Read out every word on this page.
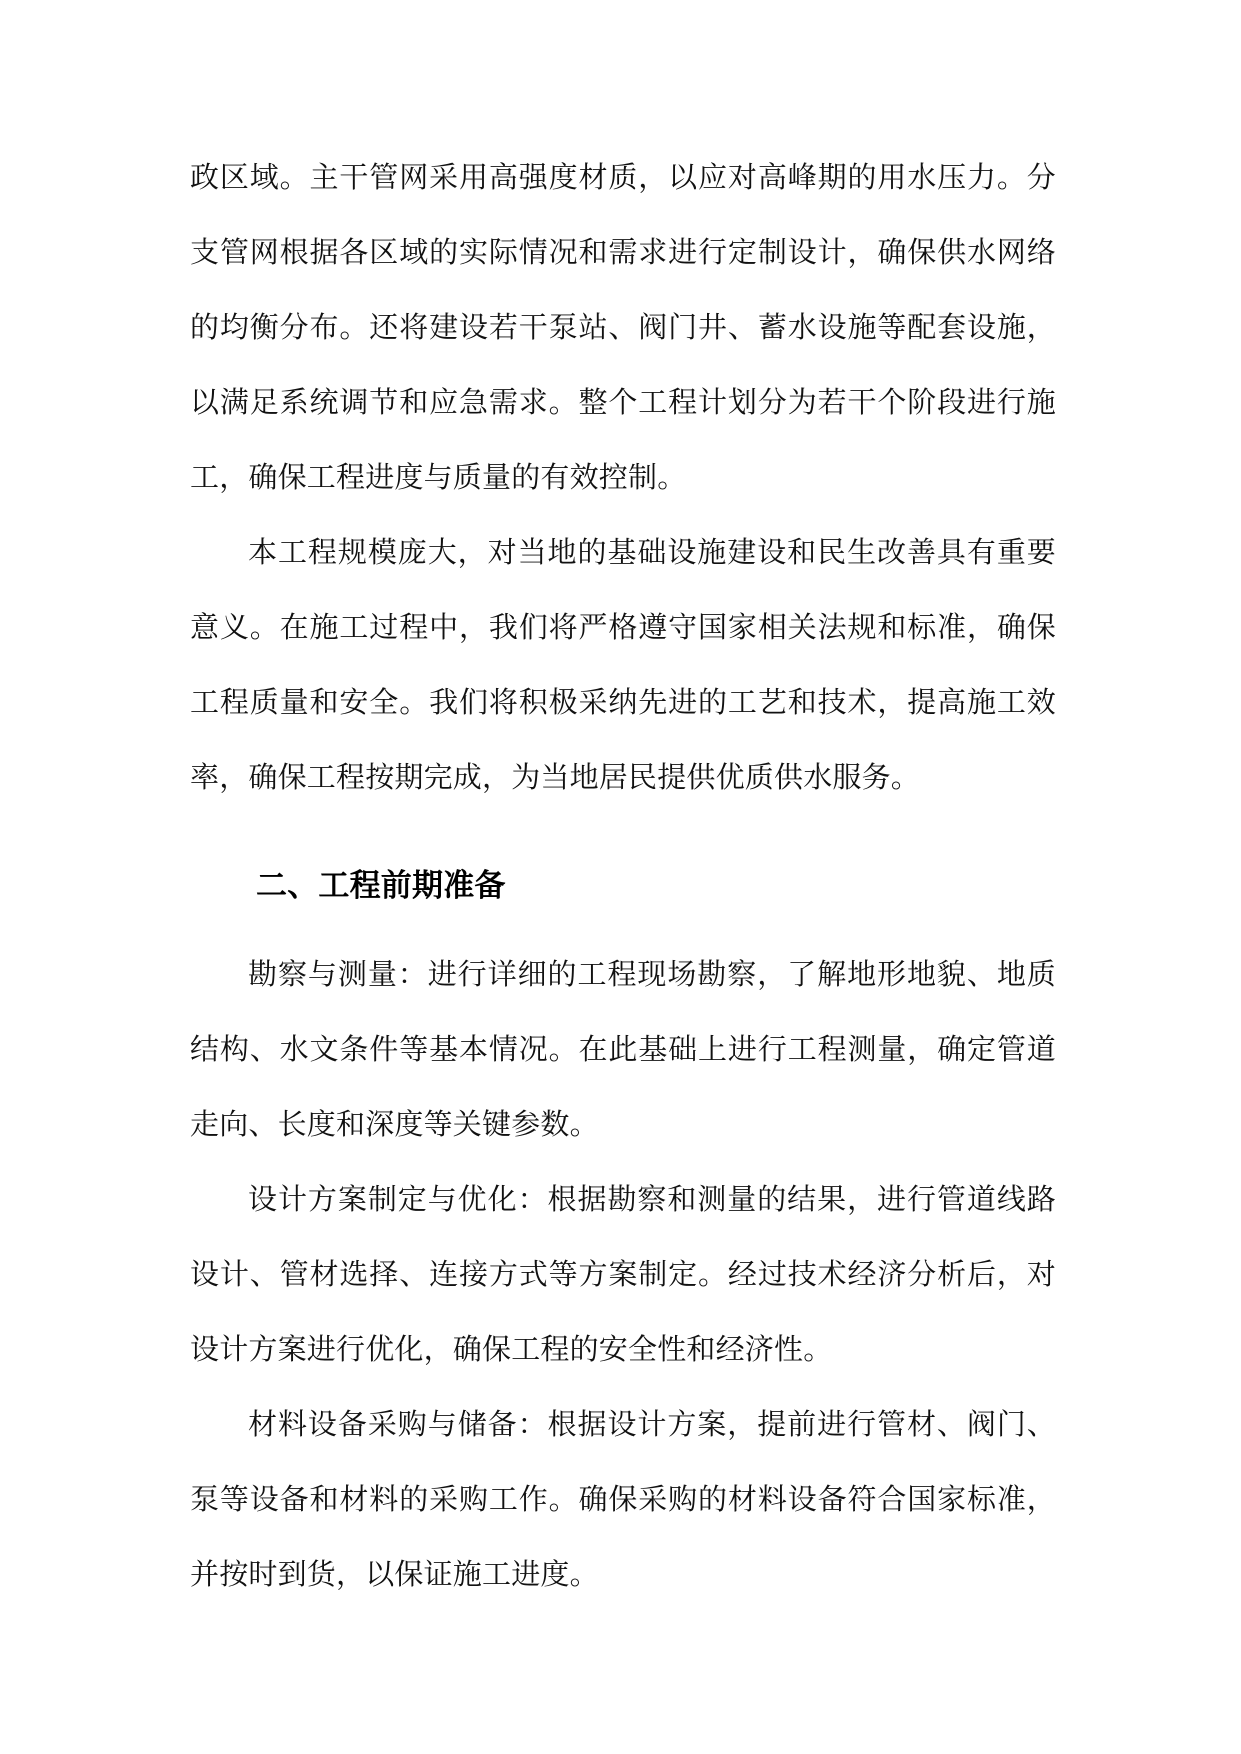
政区域。主干管网采用高强度材质，以应对高峰期的用水压力。分支管网根据各区域的实际情况和需求进行定制设计，确保供水网络的均衡分布。还将建设若干泵站、阀门井、蓄水设施等配套设施，以满足系统调节和应急需求。整个工程计划分为若干个阶段进行施工，确保工程进度与质量的有效控制。

本工程规模庞大，对当地的基础设施建设和民生改善具有重要意义。在施工过程中，我们将严格遵守国家相关法规和标准，确保工程质量和安全。我们将积极采纳先进的工艺和技术，提高施工效率，确保工程按期完成，为当地居民提供优质供水服务。

二、工程前期准备

勘察与测量：进行详细的工程现场勘察，了解地形地貌、地质结构、水文条件等基本情况。在此基础上进行工程测量，确定管道走向、长度和深度等关键参数。

设计方案制定与优化：根据勘察和测量的结果，进行管道线路设计、管材选择、连接方式等方案制定。经过技术经济分析后，对设计方案进行优化，确保工程的安全性和经济性。

材料设备采购与储备：根据设计方案，提前进行管材、阀门、泵等设备和材料的采购工作。确保采购的材料设备符合国家标准，并按时到货，以保证施工进度。
